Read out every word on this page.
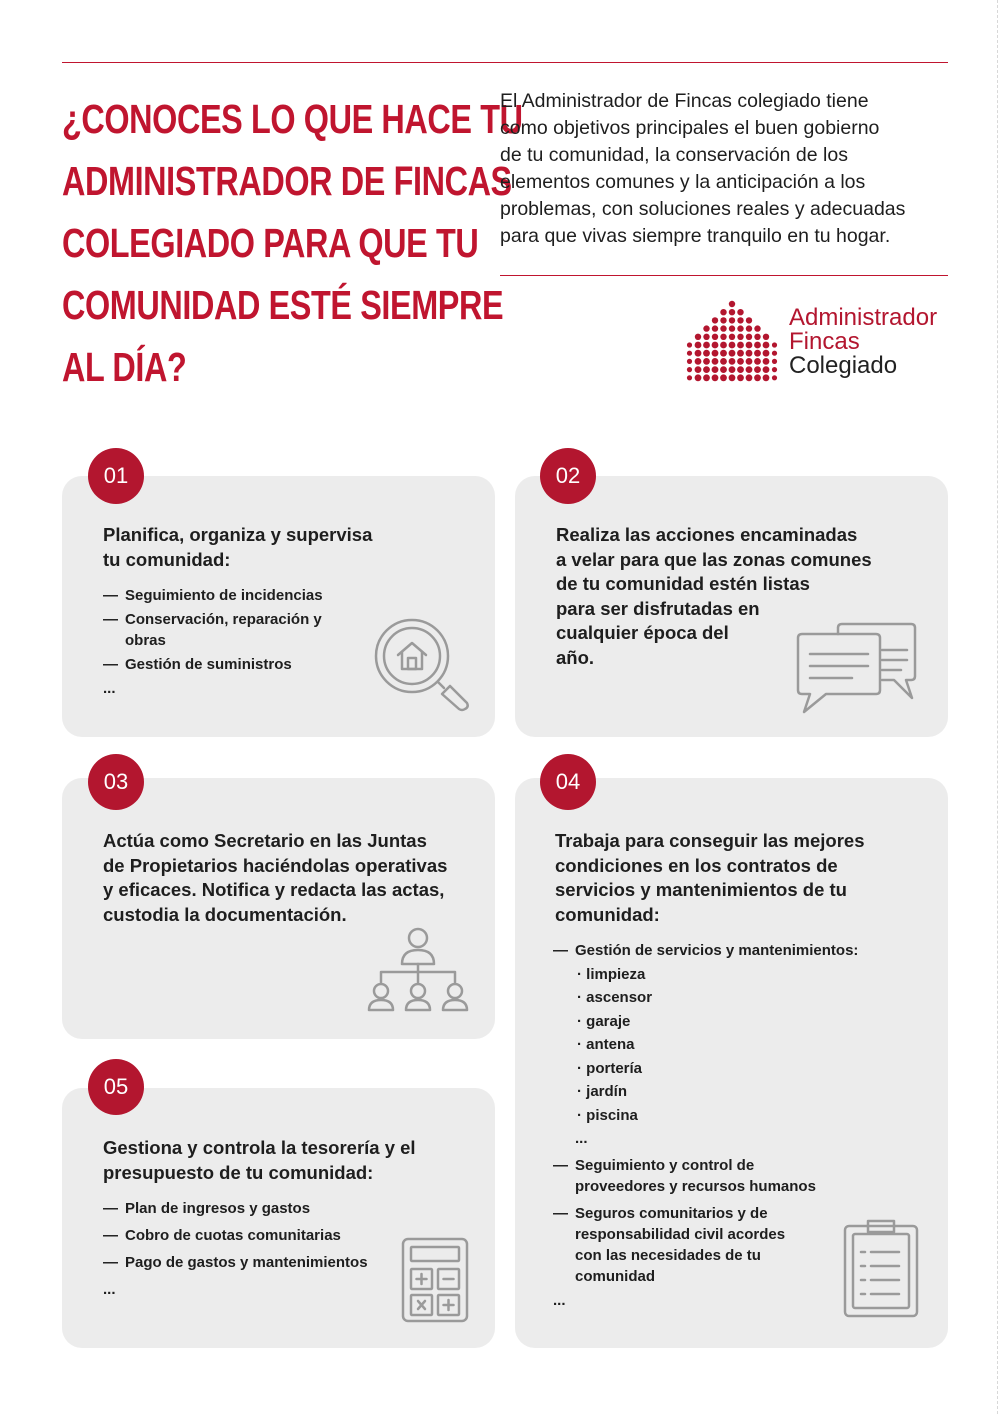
¿CONOCES LO QUE HACE TU
ADMINISTRADOR DE FINCAS
COLEGIADO PARA QUE TU
COMUNIDAD ESTÉ SIEMPRE
AL DÍA?
El Administrador de Fincas colegiado tiene
como objetivos principales el buen gobierno
de tu comunidad, la conservación de los
elementos comunes y la anticipación a los
problemas, con soluciones reales y adecuadas
para que vivas siempre tranquilo en tu hogar.
Administrador
Fincas
Colegiado
01
Planifica, organiza y supervisa
tu comunidad:
— Seguimiento de incidencias
— Conservación, reparación y
obras
— Gestión de suministros
...
02
Realiza las acciones encaminadas
a velar para que las zonas comunes
de tu comunidad estén listas
para ser disfrutadas en
cualquier época del
año.
03
Actúa como Secretario en las Juntas
de Propietarios haciéndolas operativas
y eficaces. Notifica y redacta las actas,
custodia la documentación.
04
Trabaja para conseguir las mejores
condiciones en los contratos de
servicios y mantenimientos de tu
comunidad:
— Gestión de servicios y mantenimientos:
· limpieza
· ascensor
· garaje
· antena
· portería
· jardín
· piscina
...
— Seguimiento y control de
proveedores y recursos humanos
— Seguros comunitarios y de
responsabilidad civil acordes
con las necesidades de tu
comunidad
...
05
Gestiona y controla la tesorería y el
presupuesto de tu comunidad:
— Plan de ingresos y gastos
— Cobro de cuotas comunitarias
— Pago de gastos y mantenimientos
...
